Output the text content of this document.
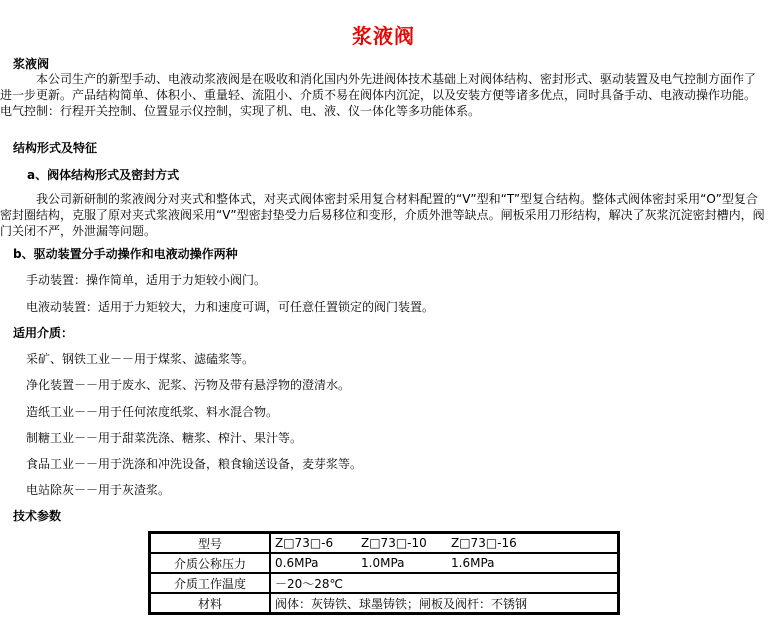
浆液阀
浆液阀
本公司生产的新型手动、电液动浆液阀是在吸收和消化国内外先进阀体技术基础上对阀体结构、密封形式、驱动装置及电气控制方面作了进一步更新。产品结构简单、体积小、重量轻、流阻小、介质不易在阀体内沉淀，以及安装方便等诸多优点，同时具备手动、电液动操作功能。电气控制：行程开关控制、位置显示仪控制，实现了机、电、液、仪一体化等多功能体系。
结构形式及特征
a、阀体结构形式及密封方式
我公司新研制的浆液阀分对夹式和整体式，对夹式阀体密封采用复合材料配置的“V”型和“T”型复合结构。整体式阀体密封采用“O”型复合密封圈结构，克服了原对夹式浆液阀采用“V”型密封垫受力后易移位和变形，介质外泄等缺点。闸板采用刀形结构，解决了灰浆沉淀密封槽内，阀门关闭不严，外泄漏等问题。
b、驱动装置分手动操作和电液动操作两种
手动装置：操作简单，适用于力矩较小阀门。
电液动装置：适用于力矩较大，力和速度可调，可任意任置锁定的阀门装置。
适用介质：
采矿、钢铁工业－－用于煤浆、滤磕浆等。
净化装置－－用于废水、泥浆、污物及带有悬浮物的澄清水。
造纸工业－－用于任何浓度纸浆、料水混合物。
制糖工业－－用于甜菜洗涤、糖浆、榨汁、果汁等。
食品工业－－用于洗涤和冲洗设备，粮食输送设备，麦芽浆等。
电站除灰－－用于灰渣浆。
技术参数
型号	Z□73□-6 Z□73□-10 Z□73□-16
介质公称压力	0.6MPa 1.0MPa 1.6MPa
介质工作温度	－20～28℃
材料	阀体：灰铸铁、球墨铸铁；闸板及阀杆：不锈钢
